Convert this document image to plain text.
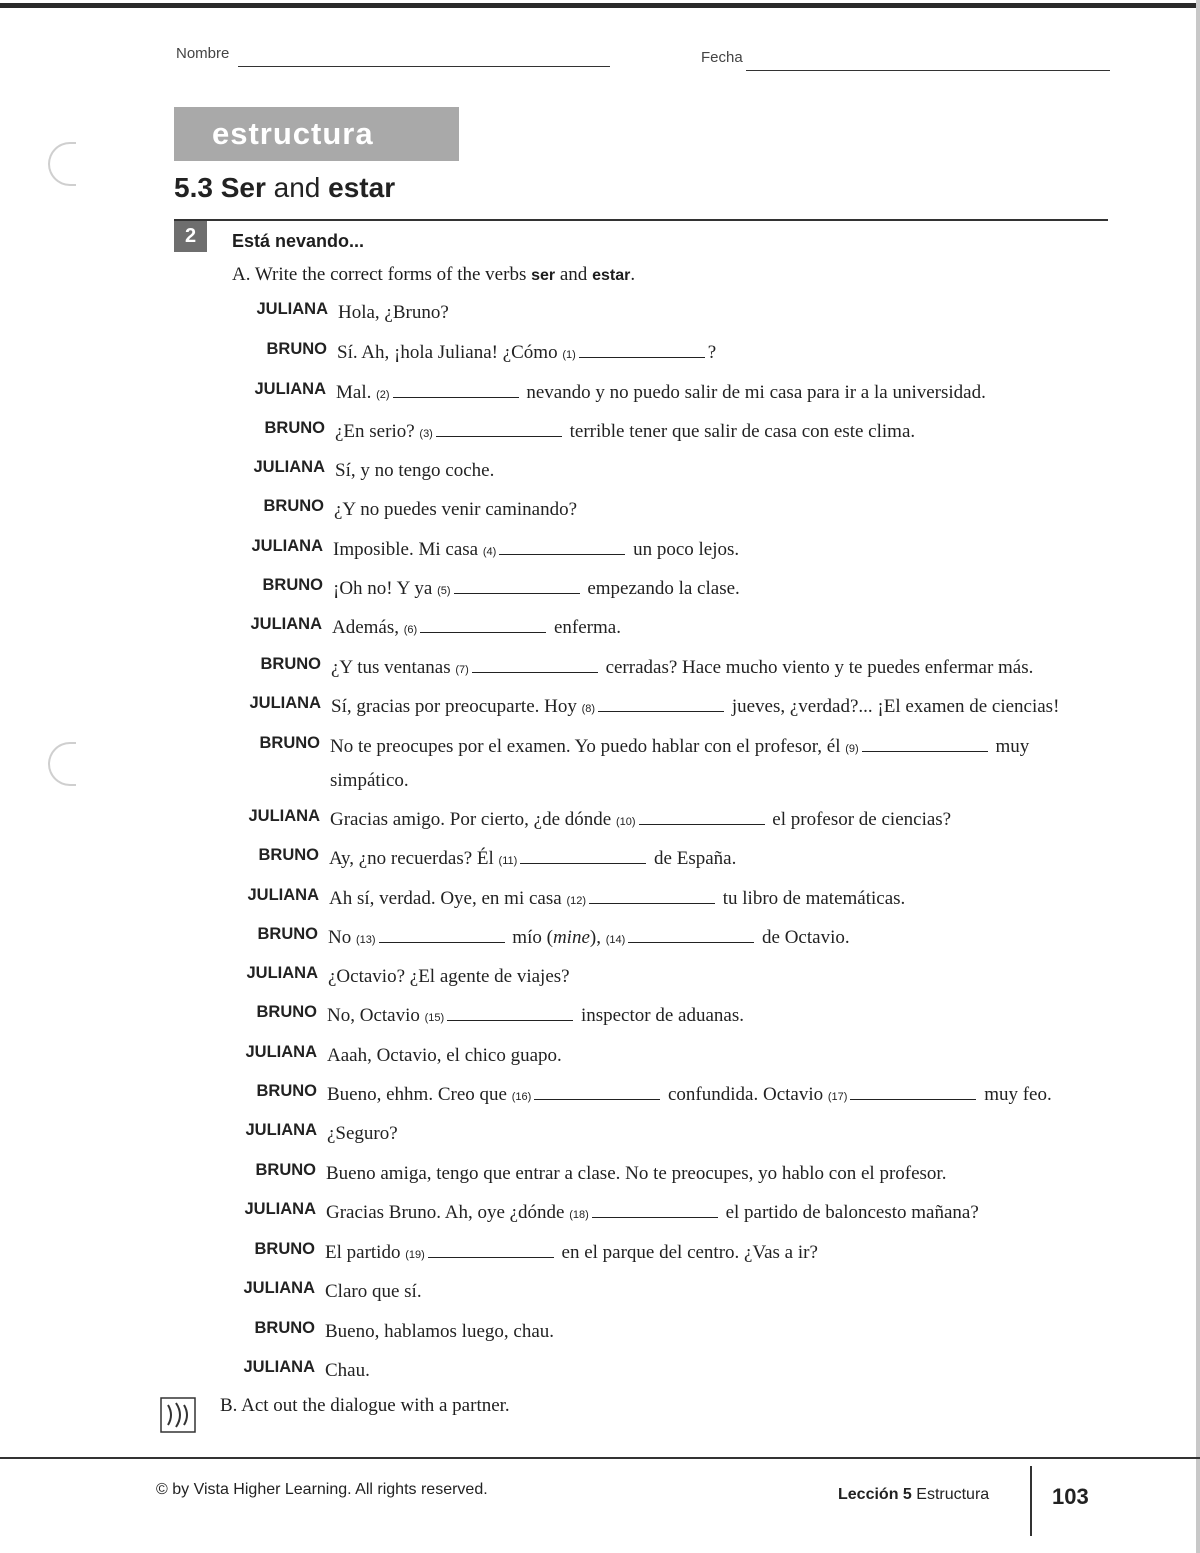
Nombre	Fecha
estructura
5.3 Ser and estar
2	Está nevando...
A. Write the correct forms of the verbs ser and estar.
JULIANA Hola, ¿Bruno?
BRUNO Sí. Ah, ¡hola Juliana! ¿Cómo (1)	?
JULIANA Mal. (2)	nevando y no puedo salir de mi casa para ir a la universidad.
BRUNO ¿En serio? (3)	terrible tener que salir de casa con este clima.
JULIANA Sí, y no tengo coche.
BRUNO ¿Y no puedes venir caminando?
JULIANA Imposible. Mi casa (4)	un poco lejos.
BRUNO ¡Oh no! Y ya (5)	empezando la clase.
JULIANA Además, (6)	enferma.
BRUNO ¿Y tus ventanas (7)	cerradas? Hace mucho viento y te puedes enfermar más.
JULIANA Sí, gracias por preocuparte. Hoy (8)	jueves, ¿verdad?... ¡El examen de ciencias!
BRUNO No te preocupes por el examen. Yo puedo hablar con el profesor, él (9)	muy simpático.
JULIANA Gracias amigo. Por cierto, ¿de dónde (10)	el profesor de ciencias?
BRUNO Ay, ¿no recuerdas? Él (11)	de España.
JULIANA Ah sí, verdad. Oye, en mi casa (12)	tu libro de matemáticas.
BRUNO No (13)	mío (mine), (14)	de Octavio.
JULIANA ¿Octavio? ¿El agente de viajes?
BRUNO No, Octavio (15)	inspector de aduanas.
JULIANA Aaah, Octavio, el chico guapo.
BRUNO Bueno, ehhm. Creo que (16)	confundida. Octavio (17)	muy feo.
JULIANA ¿Seguro?
BRUNO Bueno amiga, tengo que entrar a clase. No te preocupes, yo hablo con el profesor.
JULIANA Gracias Bruno. Ah, oye ¿dónde (18)	el partido de baloncesto mañana?
BRUNO El partido (19)	en el parque del centro. ¿Vas a ir?
JULIANA Claro que sí.
BRUNO Bueno, hablamos luego, chau.
JULIANA Chau.
B. Act out the dialogue with a partner.
© by Vista Higher Learning. All rights reserved.	Lección 5 Estructura	103
